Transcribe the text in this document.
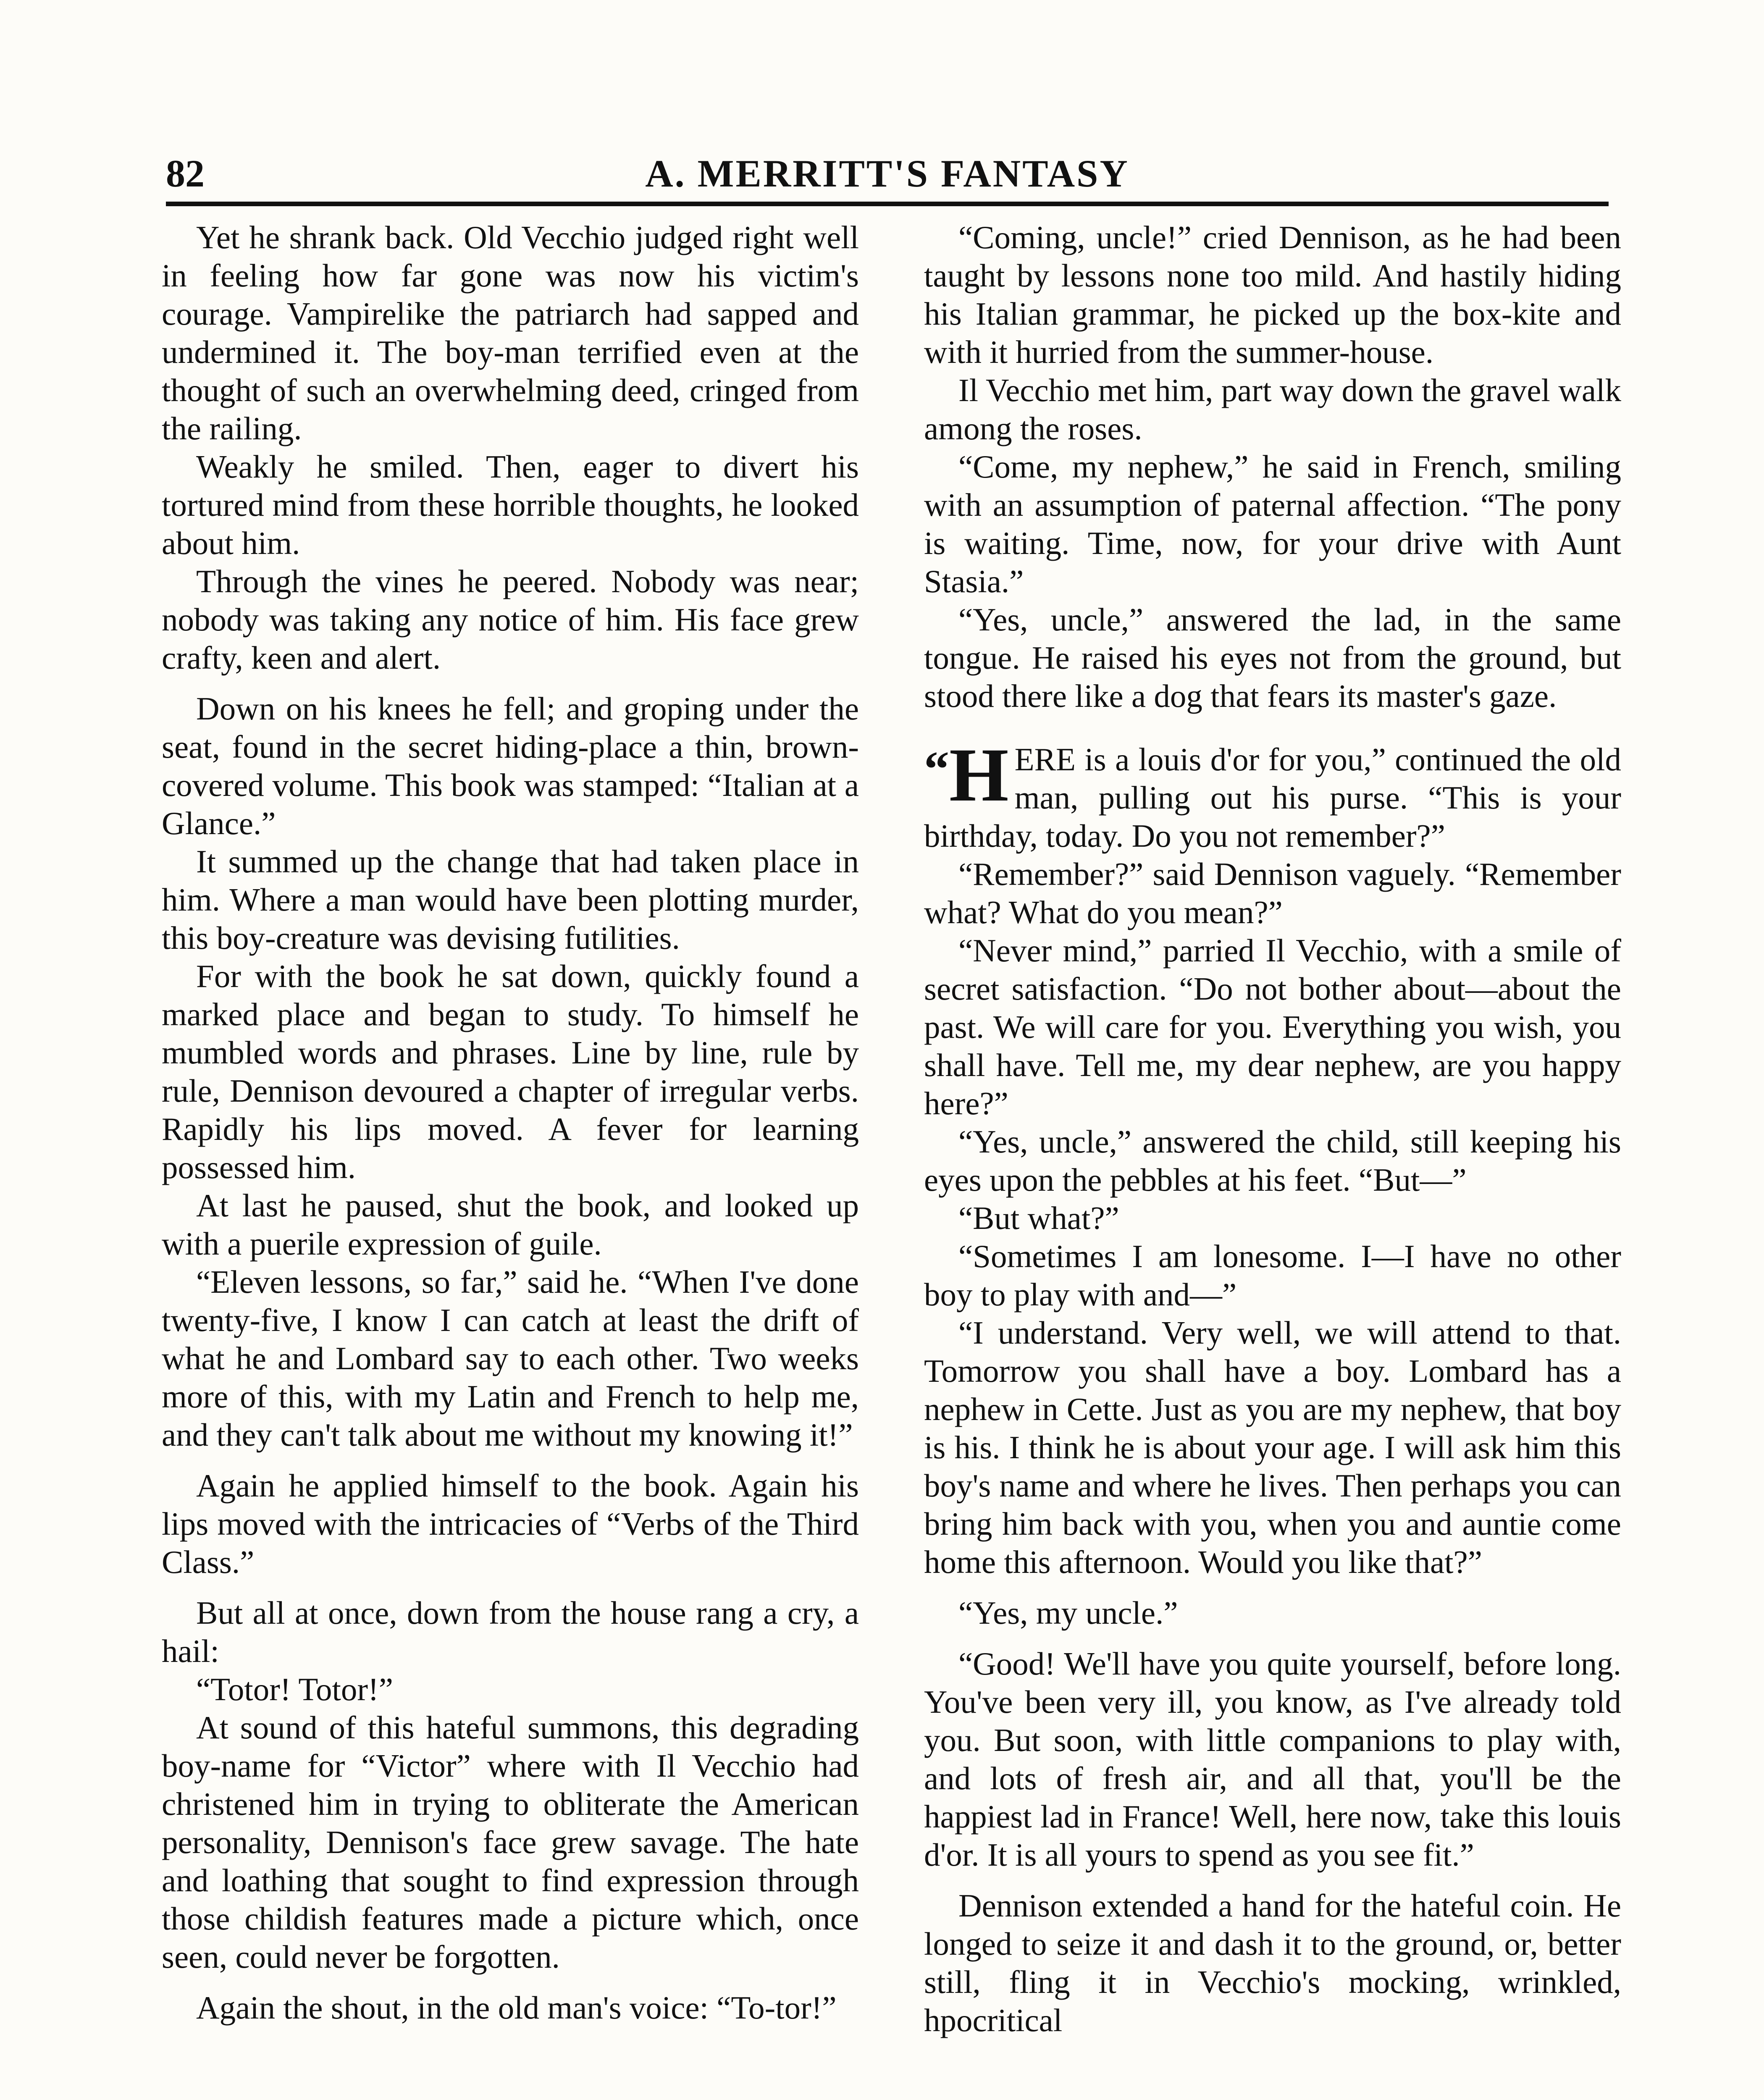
82	A. MERRITT'S FANTASY

Yet he shrank back. Old Vecchio judged right well in feeling how far gone was now his victim's courage. Vampirelike the patriarch had sapped and undermined it. The boy-man terrified even at the thought of such an overwhelming deed, cringed from the railing.

Weakly he smiled. Then, eager to divert his tortured mind from these horrible thoughts, he looked about him.

Through the vines he peered. Nobody was near; nobody was taking any notice of him. His face grew crafty, keen and alert.

Down on his knees he fell; and groping under the seat, found in the secret hiding-place a thin, brown-covered volume. This book was stamped: “Italian at a Glance.”

It summed up the change that had taken place in him. Where a man would have been plotting murder, this boy-creature was devising futilities.

For with the book he sat down, quickly found a marked place and began to study. To himself he mumbled words and phrases. Line by line, rule by rule, Dennison devoured a chapter of irregular verbs. Rapidly his lips moved. A fever for learning possessed him.

At last he paused, shut the book, and looked up with a puerile expression of guile.

“Eleven lessons, so far,” said he. “When I've done twenty-five, I know I can catch at least the drift of what he and Lombard say to each other. Two weeks more of this, with my Latin and French to help me, and they can't talk about me without my knowing it!”

Again he applied himself to the book. Again his lips moved with the intricacies of “Verbs of the Third Class.”

But all at once, down from the house rang a cry, a hail:

“Totor! Totor!”

At sound of this hateful summons, this degrading boy-name for “Victor” where with Il Vecchio had christened him in trying to obliterate the American personality, Dennison's face grew savage. The hate and loathing that sought to find expression through those childish features made a picture which, once seen, could never be forgotten.

Again the shout, in the old man's voice: “To-tor!”

“Coming, uncle!” cried Dennison, as he had been taught by lessons none too mild. And hastily hiding his Italian grammar, he picked up the box-kite and with it hurried from the summer-house.

Il Vecchio met him, part way down the gravel walk among the roses.

“Come, my nephew,” he said in French, smiling with an assumption of paternal affection. “The pony is waiting. Time, now, for your drive with Aunt Stasia.”

“Yes, uncle,” answered the lad, in the same tongue. He raised his eyes not from the ground, but stood there like a dog that fears its master's gaze.

“H ERE is a louis d'or for you,” continued the old man, pulling out his purse. “This is your birthday, today. Do you not remember?”

“Remember?” said Dennison vaguely. “Remember what? What do you mean?”

“Never mind,” parried Il Vecchio, with a smile of secret satisfaction. “Do not bother about—about the past. We will care for you. Everything you wish, you shall have. Tell me, my dear nephew, are you happy here?”

“Yes, uncle,” answered the child, still keeping his eyes upon the pebbles at his feet. “But—”

“But what?”

“Sometimes I am lonesome. I—I have no other boy to play with and—”

“I understand. Very well, we will attend to that. Tomorrow you shall have a boy. Lombard has a nephew in Cette. Just as you are my nephew, that boy is his. I think he is about your age. I will ask him this boy's name and where he lives. Then perhaps you can bring him back with you, when you and auntie come home this afternoon. Would you like that?”

“Yes, my uncle.”

“Good! We'll have you quite yourself, before long. You've been very ill, you know, as I've already told you. But soon, with little companions to play with, and lots of fresh air, and all that, you'll be the happiest lad in France! Well, here now, take this louis d'or. It is all yours to spend as you see fit.”

Dennison extended a hand for the hateful coin. He longed to seize it and dash it to the ground, or, better still, fling it in Vecchio's mocking, wrinkled, hpocritical
